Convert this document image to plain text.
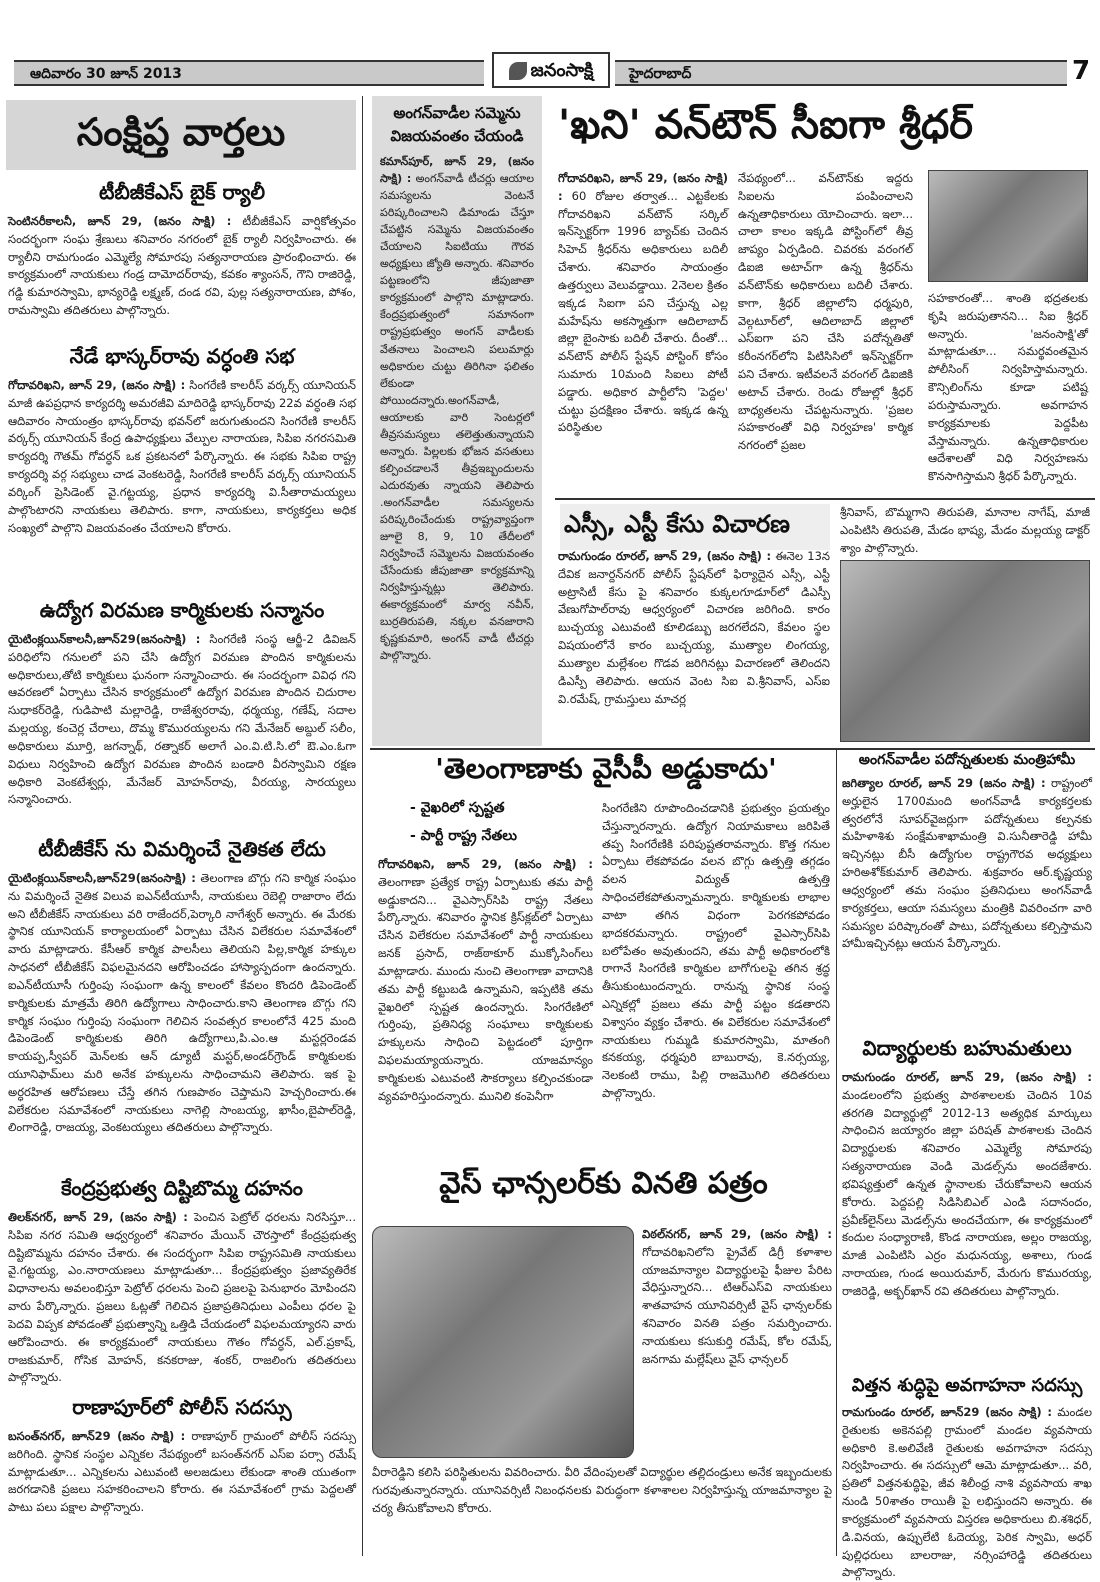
ఆదివారం 30 జూన్ 2013	జనంసాక్షి	హైదరాబాద్	7
సంక్షిప్త వార్తలు
టీబీజీకేఎస్ బైక్ ర్యాలీ
సెంటినరీకాలనీ, జూన్ 29, (జనం సాక్షి) : టీబీజీకేఎస్ వార్షికోత్సవం సందర్భంగా సంఘ శ్రేణులు శనివారం నగరంలో బైక్ ర్యాలీ నిర్వహించారు. ఈ ర్యాలీని రామగుండం ఎమ్మెల్యే సోమారపు సత్యనారాయణ ప్రారంభించారు. ఈ కార్యక్రమంలో నాయకులు గండ్ర దామోదర్‌రావు, కవకం శ్యాంసన్, గౌని రాజిరెడ్డి, గడ్డి కుమారస్వామి, భాన్యరెడ్డి లక్ష్మణ్, దండ రవి, పుల్ల సత్యనారాయణ, పోశం, రామస్వామి తదితరులు పాల్గొన్నారు.
నేడే భాస్కర్‌రావు వర్ధంతి సభ
గోదావరిఖని, జూన్ 29, (జనం సాక్షి) : సింగరేణి కాలరీస్ వర్కర్స్ యూనియన్ మాజీ ఉపప్రధాన కార్యదర్శి అమరజీవి మాదిరెడ్డి భాస్కర్‌రావు 22వ వర్ధంతి సభ ఆదివారం సాయంత్రం భాస్కర్‌రావు భవన్‌లో జరుగుతుందని సింగరేణి కాలరీస్ వర్కర్స్ యూనియన్ కేంద్ర ఉపాధ్యక్షులు వేల్పుల నారాయణ, సిపిఐ నగరసమితి కార్యదర్శి గౌతమ్ గోవర్ధన్ ఒక ప్రకటనలో పేర్కొన్నారు. ఈ సభకు సిపిఐ రాష్ట్ర కార్యదర్శి వర్గ సభ్యులు చాడ వెంకటరెడ్డి, సింగరేణి కాలరీస్ వర్కర్స్ యూనియన్ వర్కింగ్ ప్రెసిడెంట్ వై.గట్టయ్య, ప్రధాన కార్యదర్శి వి.సీతారామయ్యలు పాల్గొంటారని నాయకులు తెలిపారు. కాగా, నాయకులు, కార్యకర్తలు అధిక సంఖ్యలో పాల్గొని విజయవంతం చేయాలని కోరారు.
ఉద్యోగ విరమణ కార్మికులకు సన్మానం
యైటింక్లయిన్‌కాలనీ,జూన్29(జనంసాక్షి) : సింగరేణి సంస్థ ఆర్జీ-2 డివిజన్ పరిధిలోని గనులలో పని చేసి ఉద్యోగ విరమణ పొందిన కార్మికులను అధికారులు,తోటి కార్మికులు ఘనంగా సన్మానించారు. ఈ సందర్భంగా వివిధ గని ఆవరణలో ఏర్పాటు చేసిన కార్యక్రమంలో ఉద్యోగ విరమణ పొందిన చిదురాల సుధాకర్‌రెడ్డి, గుడిపాటి మల్లారెడ్డి, రాజేశ్వరరావు, ధర్మయ్య, గణేష్, సదాల మల్లయ్య, కంచెర్ల చేరాలు, దొమ్మ కొమురయ్యలను గని మేనేజర్ అబ్దుల్ సలీం, అధికారులు మూర్తి, జగన్నాథ్, రత్నాకర్ అలాగే ఎం.వి.టి.సి.లో ఔ.ఎం.ఓగా విధులు నిర్వహించి ఉద్యోగ విరమణ పొందిన బండారి వీరస్వామిని రక్షణ అధికారి వెంకటేశ్వర్లు, మేనేజర్ మోహన్‌రావు, వీరయ్య, సారయ్యలు సన్మానించారు.
టీబీజీకేస్ ను విమర్శించే నైతికత లేదు
యైటింక్లయిన్‌కాలనీ,జూన్29(జనంసాక్షి) : తెలంగాణ బొగ్గు గని కార్మిక సంఘం ను విమర్శించే నైతిక విలువ ఐఎన్‌టీయూసీ, నాయకులు రెబెల్లి రాజారాం లేదు అని టీబీజీకేస్ నాయకులు వరి రాజేందర్,పెర్కారి నాగేశ్వర్ అన్నారు. ఈ మేరకు స్థానిక యూనియన్ కార్యాలయంలో ఏర్పాటు చేసిన విలేకరుల సమావేశంలో వారు మాట్లాడారు. కేసీఆర్ కార్మిక పాలసీలు తెలియని పిల్ల,కార్మిక హక్కుల సాధనలో టీబీజీకేస్ విఫలమైనదని ఆరోపించడం హాస్యాస్పదంగా ఉందన్నారు. ఐఎన్‌టీయూసీ గుర్తింపు సంఘంగా ఉన్న కాలంలో కేవలం కొందరి డిపెండెంట్ కార్మికులకు మాత్రమే తిరిగి ఉద్యోగాలు సాధించారు.కాని తెలంగాణ బొగ్గు గని కార్మిక సంఘం గుర్తింపు సంఘంగా గెలిచిన సంవత్సర కాలంలోనే 425 మంది డిపెండెంట్ కార్మికులకు తిరిగి ఉద్యోగాలు,పి.ఎం.ఆ మస్టర్లరెండవ కాయప్ప,స్వీపర్ మెన్‌లకు ఆన్ డ్యూటీ మస్టర్,అండర్‌గ్రౌండ్ కార్మికులకు యూనిఫామ్‌లు మరి అనేక హక్కులను సాధించామని తెలిపారు. ఇక పై అర్ధరహిత ఆరోపణలు చేస్తే తగిన గుణపాఠం చెప్తామని హెచ్చరించారు.ఈ విలేకరుల సమావేశంలో నాయకులు నాగెల్లి సాంబయ్య, ఖాసీం,బైపాల్‌రెడ్డి, లింగారెడ్డి, రాజయ్య, వెంకటయ్యలు తదితరులు పాల్గొన్నారు.
కేంద్రప్రభుత్వ దిష్టిబొమ్మ దహనం
తిలక్‌నగర్, జూన్ 29, (జనం సాక్షి) : పెంచిన పెట్రోల్ ధరలను నిరసిస్తూ... సిపిఐ నగర సమితి ఆధ్వర్యంలో శనివారం మేయిన్ చౌరస్తాలో కేంద్రప్రభుత్వ దిష్టిబొమ్మను దహనం చేశారు. ఈ సందర్భంగా సిపిఐ రాష్ట్రసమితి నాయకులు వై.గట్టయ్య, ఎం.నారాయణలు మాట్లాడుతూ... కేంద్రప్రభుత్వం ప్రజావ్యతిరేక విధానాలను అవలంభిస్తూ పెట్రోల్ ధరలను పెంచి ప్రజలపై పెనుభారం మోపిందని వారు పేర్కొన్నారు. ప్రజలు ఓట్లతో గెలిచిన ప్రజాప్రతినిధులు ఎంపీలు ధరల పై పెదవి విప్పక పోవడంతో ప్రభుత్వాన్ని ఒత్తిడి చేయడంలో విఫలమయ్యారని వారు ఆరోపించారు. ఈ కార్యక్రమంలో నాయకులు గౌతం గోవర్ధన్, ఎల్.ప్రకాష్, రాజకుమార్, గోసిక మోహన్, కనకరాజు, శంకర్, రాజలింగు తదితరులు పాల్గొన్నారు.
రాణాపూర్‌లో పోలీస్ సదస్సు
బసంత్‌నగర్, జూన్29 (జనం సాక్షి) : రాణాపూర్ గ్రామంలో పోలీస్ సదస్సు జరిగింది. స్థానిక సంస్థల ఎన్నికల నేపథ్యంలో బసంత్‌నగర్ ఎస్‌ఐ పర్సా రమేష్ మాట్లాడుతూ... ఎన్నికలను ఎటువంటి అలజడులు లేకుండా శాంతి యుతంగా జరగడానికి ప్రజలు సహకరించాలని కోరారు. ఈ సమావేశంలో గ్రామ పెద్దలతో పాటు పలు పక్షాల పాల్గొన్నారు.
అంగన్‌వాడీల సమ్మెను విజయవంతం చేయండి
కమాన్‌పూర్, జూన్ 29, (జనం సాక్షి) : అంగన్‌వాడీ టీచర్లు ఆయాల సమస్యలను వెంటనే పరిష్కరించాలని డిమాండు చేస్తూ చేపట్టిన సమ్మెను విజయవంతం చేయాలని సిఐటియు గౌరవ అధ్యక్షులు జ్యోతి అన్నారు. శనివారం పట్టణంలోని జీపుజాతా కార్యక్రమంలో పాల్గొని మాట్లాడారు. కేంద్రప్రభుత్వంలో సమానంగా రాష్ట్రప్రభుత్వం అంగన్ వాడీలకు వేతనాలు పెంచాలని పలుమార్లు అధికారుల చుట్టు తిరిగినా ఫలితం లేకుండా పోయిందన్నారు.అంగన్‌వాడీ, ఆయాలకు వారి సెంటర్లలో తీవ్రసమస్యలు తలెత్తుతున్నాయని అన్నారు. పిల్లలకు భోజన వసతులు కల్పించడాలనే తీవ్రఇబ్బందులను ఎదురవుతు న్నాయని తెలిపారు .అంగన్‌వాడీల సమస్యలను పరిష్కరించేందుకు రాష్ట్రవ్యాప్తంగా జూలై 8, 9, 10 తేదీలలో నిర్వహించే సమ్మెలను విజయవంతం చేసేందుకు జీపుజాతా కార్యక్రమాన్ని నిర్వహిస్తున్నట్లు తెలిపారు. ఈకార్యక్రమంలో మార్వ నవీన్, బుర్రతిరుపతి, నక్కల వనజారాని కృష్ణకుమారి, అంగన్ వాడీ టీచర్లు పాల్గొన్నారు.
'ఖని' వన్‌టౌన్ సీఐగా శ్రీధర్
గోదావరిఖని, జూన్ 29, (జనం సాక్షి) : 60 రోజుల తర్వాత... ఎట్టకేలకు గోదావరిఖని వన్‌టౌన్ సర్కిల్ ఇన్‌స్పెక్టర్‌గా 1996 బ్యాచ్‌కు చెందిన సిహెచ్ శ్రీధర్‌ను అధికారులు బదిలీ చేశారు. శనివారం సాయంత్రం ఉత్తర్వులు వెలువడ్డాయి. 2నెలల క్రితం ఇక్కడ సిఐగా పని చేస్తున్న ఎల్ల మహేష్‌ను అకస్మాత్తుగా ఆదిలాబాద్ జిల్లా బైంసాకు బదిలీ చేశారు. దీంతో... వన్‌టౌన్ పోలీస్ స్టేషన్ పోస్టింగ్ కోసం సుమారు 10మంది సిఐలు పోటీ పడ్డారు. అధికార పార్టీలోని 'పెద్దల' చుట్టు ప్రదక్షిణం చేశారు. ఇక్కడ ఉన్న పరిస్థితుల
నేపథ్యంలో... వన్‌టౌన్‌కు ఇద్దరు సిఐలను పంపించాలని ఉన్నతాధికారులు యోచించారు. ఇలా... చాలా కాలం ఇక్కడి పోస్టింగ్‌లో తీవ్ర జాప్యం ఏర్పడింది. చివరకు వరంగల్ డిఐజి అటాచ్‌గా ఉన్న శ్రీధర్‌ను వన్‌టౌన్‌కు అధికారులు బదిలీ చేశారు. కాగా, శ్రీధర్ జిల్లాలోని ధర్మపురి, వెల్గటూర్‌లో, ఆదిలాబాద్ జిల్లాలో ఎస్‌ఐగా పని చేసి పదోన్నతితో కరీంనగర్‌లోని పిటిసిసిలో ఇన్‌స్పెక్టర్‌గా పని చేశారు. ఇటీవలనే వరంగల్ డిఐజికి అటాచ్ చేశారు. రెండు రోజుల్లో శ్రీధర్ బాధ్యతలను చేపట్టనున్నారు. 'ప్రజల సహకారంతో విధి నిర్వహణ' కార్మిక నగరంలో ప్రజల
సహకారంతో... శాంతి భద్రతలకు కృషి జరుపుతానని... సిఐ శ్రీధర్ అన్నారు. 'జనంసాక్షి'తో మాట్లాడుతూ... సమర్థవంతమైన పోలీసింగ్ నిర్వహిస్తామన్నారు. కౌన్సిలింగ్‌ను కూడా పటిష్ట పరుస్తామన్నారు. అవగాహన కార్యక్రమాలకు పెద్దపీట వేస్తామన్నారు. ఉన్నతాధికారుల ఆదేశాలతో విధి నిర్వహణను కొనసాగిస్తామని శ్రీధర్ పేర్కొన్నారు.
ఎస్సీ, ఎస్టీ కేసు విచారణ
రామగుండం రూరల్, జూన్ 29, (జనం సాక్షి) : ఈనెల 13న దేవిక జనార్దన్‌నగర్ పోలీస్ స్టేషన్‌లో ఫిర్యాదైన ఎస్సీ, ఎస్టీ అట్రాసిటీ కేసు పై శనివారం కుక్కలగూడూర్‌లో డిఎస్పీ వేణుగోపాల్‌రావు ఆధ్వర్యంలో విచారణ జరిగింది. కారం బుచ్చయ్య ఎటువంటి కూలిడబ్బు జరగలేదని, కేవలం స్థల విషయంలోనే కారం బుచ్చయ్య, ముత్యాల లింగయ్య, ముత్యాల మల్లేశంల గొడవ జరిగినట్లు విచారణలో తెలిందని డిఎస్పీ తెలిపారు. ఆయన వెంట సిఐ వి.శ్రీనివాస్, ఎస్‌ఐ వి.రమేష్, గ్రామస్తులు మాచర్ల
శ్రీనివాస్, బొమ్మగాని తిరుపతి, మానాల నాగేష్, మాజీ ఎంపిటిసి తిరుపతి, మేడం భాష్య, మేడం మల్లయ్య డాక్టర్ శ్యాం పాల్గొన్నారు.
'తెలంగాణాకు వైసీపీ అడ్డుకాదు'
- వైఖరిలో స్పష్టత
- పార్టీ రాష్ట్ర నేతలు
గోదావరిఖని, జూన్ 29, (జనం సాక్షి) : తెలంగాణా ప్రత్యేక రాష్ట్ర ఏర్పాటుకు తమ పార్టీ అడ్డుకాదని... వైఎస్సార్‌సిపి రాష్ట్ర నేతలు పేర్కొన్నారు. శనివారం స్థానిక క్రిస్‌క్లబ్‌లో ఏర్పాటు చేసిన విలేకరుల సమావేశంలో పార్టీ నాయకులు జనక్ ప్రసాద్, రాజ్‌ఠాకూర్ ముక్కోసింగ్‌లు మాట్లాడారు. ముందు నుంచి తెలంగాణా వాదానికి తమ పార్టీ కట్టుబడి ఉన్నామని, ఇప్పటికి తమ వైఖరిలో స్పష్టత ఉందన్నారు. సింగరేణిలో గుర్తింపు, ప్రతినిధ్య సంఘాలు కార్మికులకు హక్కులను సాధించి పెట్టడంలో పూర్తిగా విఫలమయ్యాయన్నారు. యాజమాన్యం కార్మికులకు ఎటువంటి సౌకర్యాలు కల్పించకుండా వ్యవహరిస్తుందన్నారు. మునిలి కంపెనీగా
సింగరేణిని రూపొందించడానికి ప్రభుత్వం ప్రయత్నం చేస్తున్నారన్నారు. ఉద్యోగ నియామకాలు జరిపితే తప్ప సింగరేణికి పరిపుష్టతరావన్నారు. కొత్త గనుల ఏర్పాటు లేకపోవడం వలన బొగ్గు ఉత్పత్తి తగ్గడం వలన విద్యుత్ ఉత్పత్తి సాధించలేకపోతున్నామన్నారు. కార్మికులకు లాభాల వాటా తగిన విధంగా పెరగకపోవడం భాదకరమన్నారు. రాష్ట్రంలో వైఎస్సార్‌సిపి బలోపేతం అవుతుందని, తమ పార్టీ అధికారంలోకి రాగానే సింగరేణి కార్మికుల బాగోగులపై తగిన శ్రద్ధ తీసుకుంటుందన్నారు. రానున్న స్థానిక సంస్థ ఎన్నికల్లో ప్రజలు తమ పార్టీ పట్టం కడతారని విశ్వాసం వ్యక్తం చేశారు. ఈ విలేకరుల సమావేశంలో నాయకులు గుమ్మడి కుమారస్వామి, మాతంగి కనకయ్య, ధర్మపురి బాబురావు, కె.నర్సయ్య, నెలకంటి రాము, పిల్లి రాజమొగిలి తదితరులు పాల్గొన్నారు.
వైస్ ఛాన్సలర్‌కు వినతి పత్రం
విఠల్‌నగర్, జూన్ 29, (జనం సాక్షి) : గోదావరిఖనిలోని ప్రైవేట్ డిగ్రీ కళాశాల యాజమాన్యాల విద్యార్థులపై ఫీజుల పేరిట వేధిస్తున్నారని... టిఆర్‌ఎస్‌వి నాయకులు శాతవాహన యూనివర్సిటీ వైస్ ఛాన్సలర్‌కు శనివారం వినతి పత్రం సమర్పించారు. నాయకులు కసుకుర్తి రమేష్, కోల రమేష్, జనగామ మల్లేష్‌లు వైస్ ఛాన్సలర్
వీరారెడ్డిని కలిసి పరిస్థితులను వివరించారు. వీరి వేదింపులతో విద్యార్థుల తల్లిదండ్రులు అనేక ఇబ్బందులకు గురవుతున్నారన్నారు. యూనివర్సిటీ నిబంధనలకు విరుద్ధంగా కళాశాలల నిర్వహిస్తున్న యాజమాన్యాల పై చర్య తీసుకోవాలని కోరారు.
అంగన్‌వాడీల పదోన్నతులకు మంత్రిహామీ
జగిత్యాల రూరల్, జూన్ 29 (జనం సాక్షి) : రాష్ట్రంలో అర్హులైన 1700మంది అంగన్‌వాడీ కార్యకర్తలకు త్వరలోనే సూపర్‌వైజర్లుగా పదోన్నతులు కల్పనకు మహిళాశిశు సంక్షేమశాఖామంత్రి వి.సునీతారెడ్డి హామీ ఇచ్చినట్లు బీసీ ఉద్యోగుల రాష్ట్రగౌరవ అధ్యక్షులు హరిఅశోక్‌కుమార్ తెలిపారు. శుక్రవారం ఆర్.కృష్ణయ్య ఆధ్వర్యంలో తమ సంఘం ప్రతినిధులు అంగన్‌వాడీ కార్యకర్తలు, ఆయా సమస్యలు మంత్రికి వివరించగా వారి సమస్యల పరిష్కారంతో పాటు, పదోన్నతులు కల్పిస్తామని హామీఇచ్చినట్లు ఆయన పేర్కొన్నారు.
విద్యార్థులకు బహుమతులు
రామగుండం రూరల్, జూన్ 29, (జనం సాక్షి) : మండలంలోని ప్రభుత్వ పాఠశాలలకు చెందిన 10వ తరగతి విద్యార్థుల్లో 2012-13 అత్యధిక మార్కులు సాధించిన జయ్యారం జిల్లా పరిషత్ పాఠశాలకు చెందిన విద్యార్థులకు శనివారం ఎమ్మెల్యే సోమారపు సత్యనారాయణ వెండి మెడల్స్‌ను అందజేశారు. భవిష్యత్తులో ఉన్నత స్థానాలకు చేరుకోవాలని ఆయన కోరారు. పెద్దపల్లి సిడిసిబిఎల్ ఎండి సదానందం, ప్రవీణ్‌లైన్‌లు మెడల్స్‌ను అందచేయగా, ఈ కార్యక్రమంలో కందుల సంధ్యారాణి, కొండ నారాయణ, అల్లం రాజయ్య, మాజీ ఎంపిటిసి ఎర్రం మధునయ్య, అశాలు, గుండ నారాయణ, గుండ అయిరుమార్, మేరుగు కొమురయ్య, రాజిరెడ్డి, అక్బర్‌ఖాన్ రవి తదితరులు పాల్గొన్నారు.
విత్తన శుద్ధిపై అవగాహనా సదస్సు
రామగుండం రూరల్, జూన్29 (జనం సాక్షి) : మండల రైతులకు అకెనపల్లి గ్రామంలో మండల వ్యవసాయ అధికారి కె.అలివేణి రైతులకు అవగాహనా సదస్సు నిర్వహించారు. ఈ సదస్సులో ఆమె మాట్లాడుతూ... వరి, ప్రతిలో విత్తనశుద్ధిపై, జీవ శిలీంధ్ర నాశి వ్యవసాయ శాఖ నుండి 50శాతం రాయితీ పై లభిస్తుందని అన్నారు. ఈ కార్యక్రమంలో వ్యవసాయ విస్తరణ అధికారులు బి.శశిధర్, డి.వినయ, ఉప్పులేటి ఓదెయ్య, పెరిక స్వామి, అధర్ పుల్లిధరులు బాలరాజు, నర్సింహారెడ్డి తదితరులు పాల్గొన్నారు.
